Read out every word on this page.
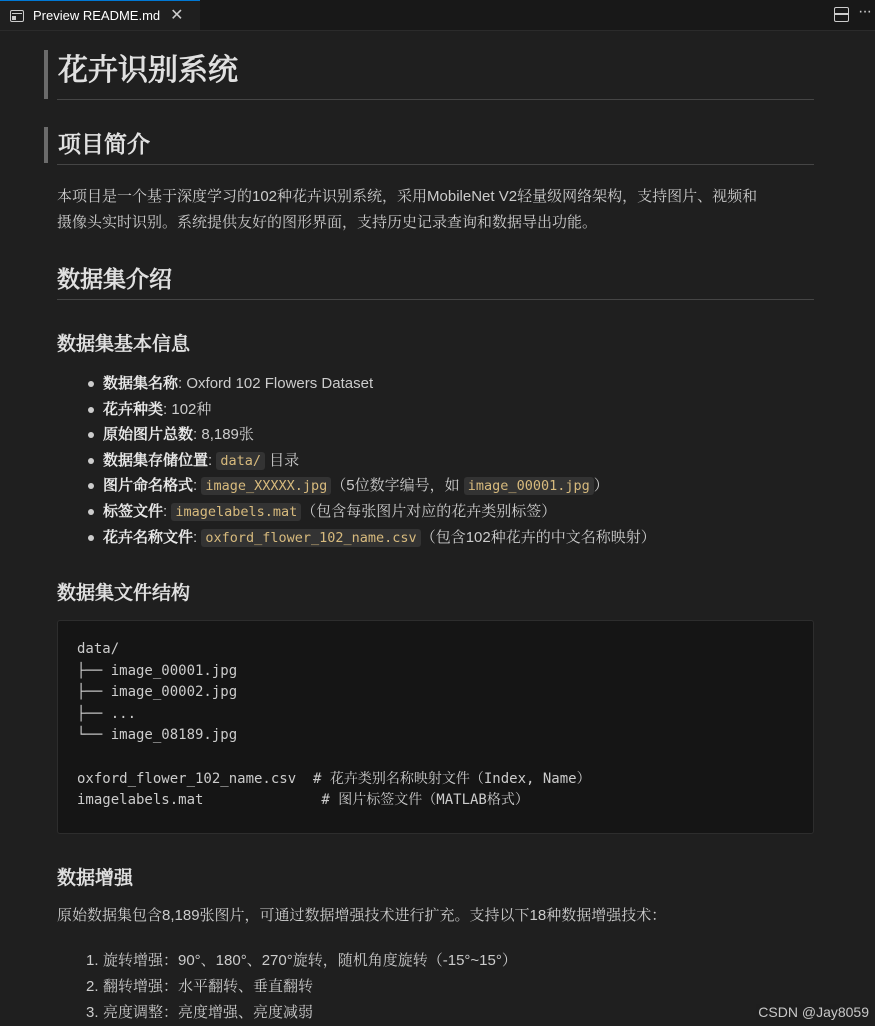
Preview README.md ✕	···
花卉识别系统
项目简介

本项目是一个基于深度学习的102种花卉识别系统，采用MobileNet V2轻量级网络架构，支持图片、视频和
摄像头实时识别。系统提供友好的图形界面，支持历史记录查询和数据导出功能。

数据集介绍
数据集基本信息
数据集名称: Oxford 102 Flowers Dataset
花卉种类: 102种
原始图片总数: 8,189张
数据集存储位置: data/ 目录
图片命名格式: image_XXXXX.jpg （5位数字编号，如 image_00001.jpg ）
标签文件: imagelabels.mat （包含每张图片对应的花卉类别标签）
花卉名称文件: oxford_flower_102_name.csv （包含102种花卉的中文名称映射）
数据集文件结构
data/
├── image_00001.jpg
├── image_00002.jpg
├── ...
└── image_08189.jpg

oxford_flower_102_name.csv  # 花卉类别名称映射文件（Index, Name）
imagelabels.mat              # 图片标签文件（MATLAB格式）
数据增强

原始数据集包含8,189张图片，可通过数据增强技术进行扩充。支持以下18种数据增强技术：

1. 旋转增强：90°、180°、270°旋转，随机角度旋转（-15°~15°）
2. 翻转增强：水平翻转、垂直翻转
3. 亮度调整：亮度增强、亮度减弱	CSDN @Jay8059
